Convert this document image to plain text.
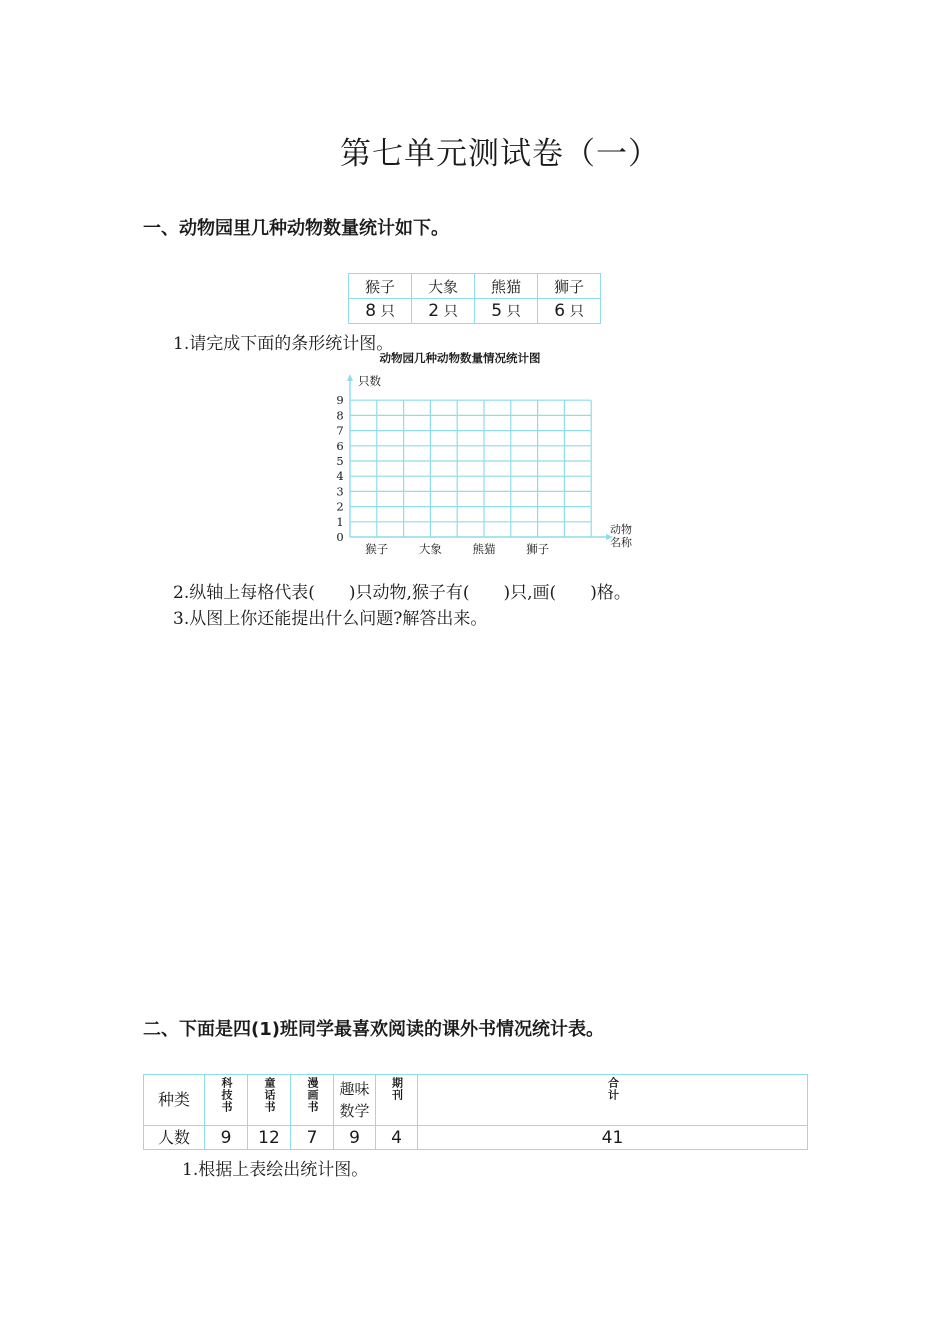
第七单元测试卷（一）
一、动物园里几种动物数量统计如下。
猴子	大象	熊猫	狮子
8 只	2 只	5 只	6 只
1.请完成下面的条形统计图。
动物园几种动物数量情况统计图
0
1
2
3
4
5
6
7
8
9
猴子	大象	熊猫	狮子
只数
动物
名称
2.纵轴上每格代表(　　)只动物,猴子有(　　)只,画(　　)格。
3.从图上你还能提出什么问题?解答出来。
二、下面是四(1)班同学最喜欢阅读的课外书情况统计表。
种类	科技书	童话书	漫画书	趣味数学	期刊	合计
人数	9	12	7	9	4	41
1.根据上表绘出统计图。
